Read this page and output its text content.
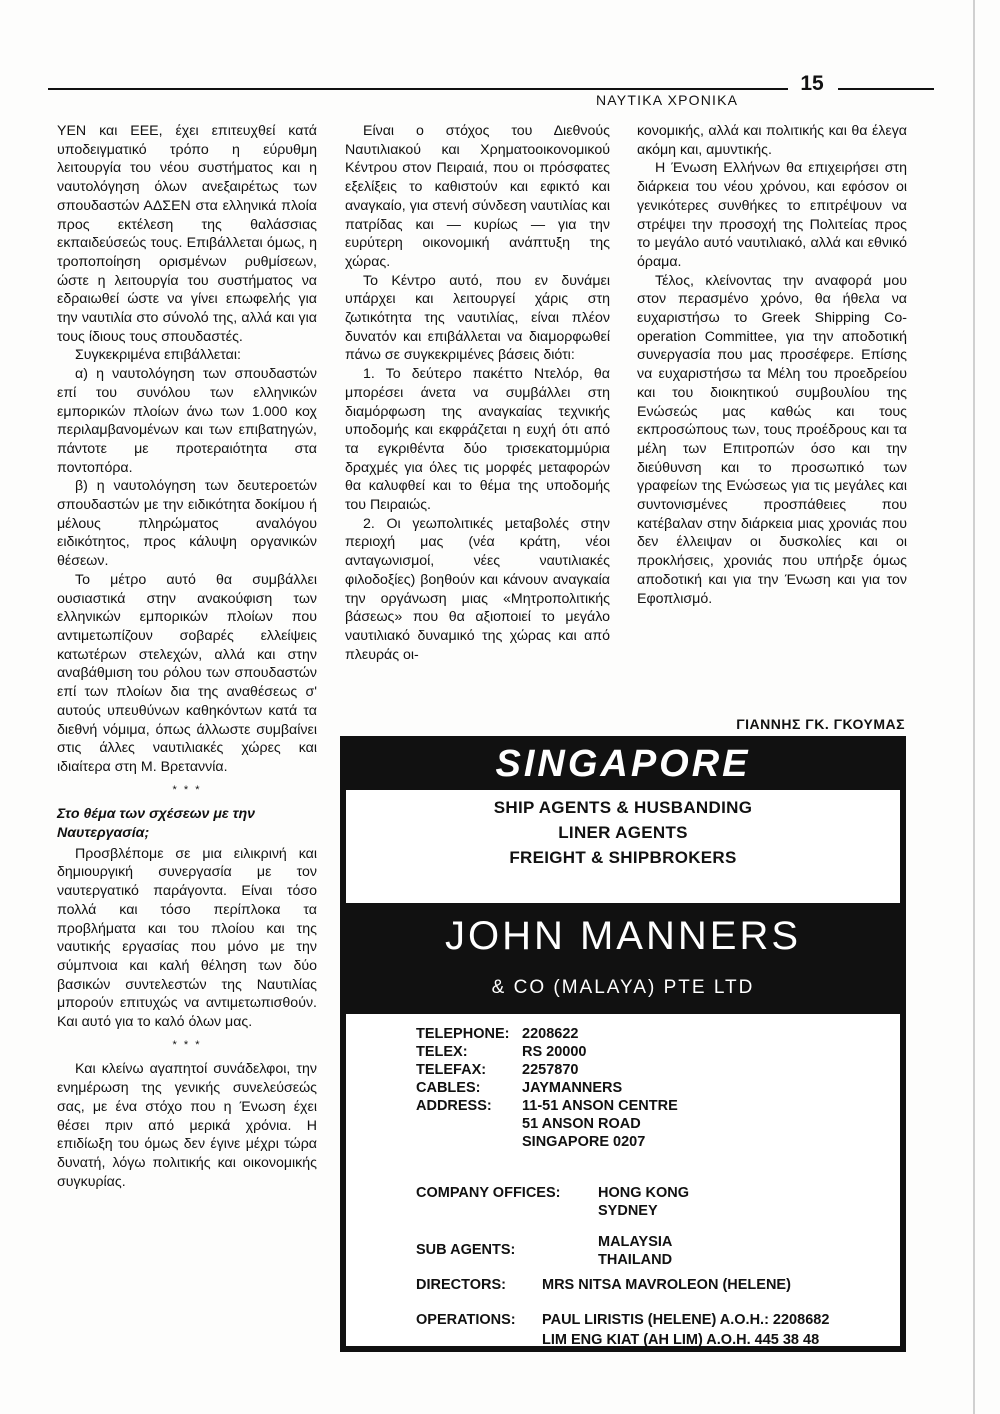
15
ΝΑΥΤΙΚΑ ΧΡΟΝΙΚΑ

ΥΕΝ και ΕΕΕ, έχει επιτευχθεί κατά υποδειγματικό τρόπο η εύρυθμη λειτουργία του νέου συστήματος και η ναυτολόγηση όλων ανεξαιρέτως των σπουδαστών ΑΔΣΕΝ στα ελληνικά πλοία προς εκτέλεση της θαλάσσιας εκπαιδεύσεώς τους. Επιβάλλεται όμως, η τροποποίηση ορισμένων ρυθμίσεων, ώστε η λειτουργία του συστήματος να εδραιωθεί ώστε να γίνει επωφελής για την ναυτιλία στο σύνολό της, αλλά και για τους ίδιους τους σπουδαστές.

Συγκεκριμένα επιβάλλεται:

α) η ναυτολόγηση των σπουδαστών επί του συνόλου των ελληνικών εμπορικών πλοίων άνω των 1.000 κοχ περιλαμβανομένων και των επιβατηγών, πάντοτε με προτεραιότητα στα ποντοπόρα.

β) η ναυτολόγηση των δευτεροετών σπουδαστών με την ειδικότητα δοκίμου ή μέλους πληρώματος αναλόγου ειδικότητος, προς κάλυψη οργανικών θέσεων.

Το μέτρο αυτό θα συμβάλλει ουσιαστικά στην ανακούφιση των ελληνικών εμπορικών πλοίων που αντιμετωπίζουν σοβαρές ελλείψεις κατωτέρων στελεχών, αλλά και στην αναβάθμιση του ρόλου των σπουδαστών επί των πλοίων δια της αναθέσεως σ' αυτούς υπευθύνων καθηκόντων κατά τα διεθνή νόμιμα, όπως άλλωστε συμβαίνει στις άλλες ναυτιλιακές χώρες και ιδιαίτερα στη Μ. Βρεταννία.

* * *
Στο θέμα των σχέσεων με την Ναυτεργασία;

Προσβλέπομε σε μια ειλικρινή και δημιουργική συνεργασία με τον ναυτεργατικό παράγοντα. Είναι τόσο πολλά και τόσο περίπλοκα τα προβλήματα και του πλοίου και της ναυτικής εργασίας που μόνο με την σύμπνοια και καλή θέληση των δύο βασικών συντελεστών της Ναυτιλίας μπορούν επιτυχώς να αντιμετωπισθούν. Και αυτό για το καλό όλων μας.

* * *

Και κλείνω αγαπητοί συνάδελφοι, την ενημέρωση της γενικής συνελεύσεώς σας, με ένα στόχο που η Ένωση έχει θέσει πριν από μερικά χρόνια. Η επιδίωξη του όμως δεν έγινε μέχρι τώρα δυνατή, λόγω πολιτικής και οικονομικής συγκυρίας.

Είναι ο στόχος του Διεθνούς Ναυτιλιακού και Χρηματοοικονομικού Κέντρου στον Πειραιά, που οι πρόσφατες εξελίξεις το καθιστούν και εφικτό και αναγκαίο, για στενή σύνδεση ναυτιλίας και πατρίδας και — κυρίως — για την ευρύτερη οικονομική ανάπτυξη της χώρας.

Το Κέντρο αυτό, που εν δυνάμει υπάρχει και λειτουργεί χάρις στη ζωτικότητα της ναυτιλίας, είναι πλέον δυνατόν και επιβάλλεται να διαμορφωθεί πάνω σε συγκεκριμένες βάσεις διότι:

1. Το δεύτερο πακέττο Ντελόρ, θα μπορέσει άνετα να συμβάλλει στη διαμόρφωση της αναγκαίας τεχνικής υποδομής και εκφράζεται η ευχή ότι από τα εγκριθέντα δύο τρισεκατομμύρια δραχμές για όλες τις μορφές μεταφορών θα καλυφθεί και το θέμα της υποδομής του Πειραιώς.

2. Οι γεωπολιτικές μεταβολές στην περιοχή μας (νέα κράτη, νέοι ανταγωνισμοί, νέες ναυτιλιακές φιλοδοξίες) βοηθούν και κάνουν αναγκαία την οργάνωση μιας «Μητροπολιτικής βάσεως» που θα αξιοποιεί το μεγάλο ναυτιλιακό δυναμικό της χώρας και από πλευράς οι-

κονομικής, αλλά και πολιτικής και θα έλεγα ακόμη και, αμυντικής.

Η Ένωση Ελλήνων θα επιχειρήσει στη διάρκεια του νέου χρόνου, και εφόσον οι γενικότερες συνθήκες το επιτρέψουν να στρέψει την προσοχή της Πολιτείας προς το μεγάλο αυτό ναυτιλιακό, αλλά και εθνικό όραμα.

Τέλος, κλείνοντας την αναφορά μου στον περασμένο χρόνο, θα ήθελα να ευχαριστήσω το Greek Shipping Co-operation Committee, για την αποδοτική συνεργασία που μας προσέφερε. Επίσης να ευχαριστήσω τα Μέλη του προεδρείου και του διοικητικού συμβουλίου της Ενώσεώς μας καθώς και τους εκπροσώπους των, τους προέδρους και τα μέλη των Επιτροπών όσο και την διεύθυνση και το προσωπικό των γραφείων της Ενώσεως για τις μεγάλες και συντονισμένες προσπάθειες που κατέβαλαν στην διάρκεια μιας χρονιάς που δεν έλλειψαν οι δυσκολίες και οι προκλήσεις, χρονιάς που υπήρξε όμως αποδοτική και για την Ένωση και για τον Εφοπλισμό.

ΓΙΑΝΝΗΣ ΓΚ. ΓΚΟΥΜΑΣ
SINGAPORE
SHIP AGENTS & HUSBANDING
LINER AGENTS
FREIGHT & SHIPBROKERS
JOHN MANNERS
& CO (MALAYA) PTE LTD
TELEPHONE: 2208622
TELEX:	RS 20000
TELEFAX: 2257870
CABLES:	JAYMANNERS
ADDRESS: 11-51 ANSON CENTRE
51 ANSON ROAD
SINGAPORE 0207
COMPANY OFFICES:	HONG KONG
SYDNEY
SUB AGENTS:	MALAYSIA
THAILAND
DIRECTORS: MRS NITSA MAVROLEON (HELENE)
OPERATIONS: PAUL LIRISTIS (HELENE) A.O.H.: 2208682
LIM ENG KIAT (AH LIM) A.O.H. 445 38 48
